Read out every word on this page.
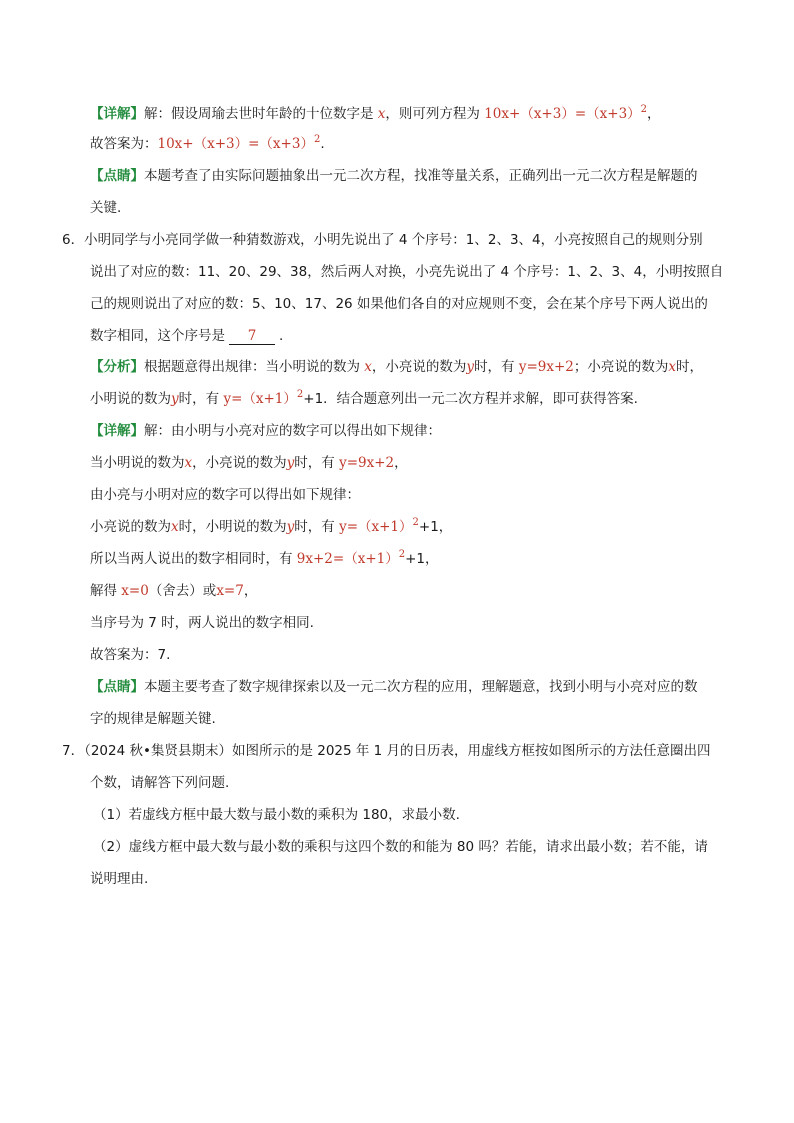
【详解】解：假设周瑜去世时年龄的十位数字是 x，则可列方程为 $10x+(x+3)=(x+3)^2$，
故答案为：$10x+(x+3)=(x+3)^2$.
【点睛】本题考查了由实际问题抽象出一元二次方程，找准等量关系，正确列出一元二次方程是解题的
关键.
6．小明同学与小亮同学做一种猜数游戏，小明先说出了 4 个序号：1、2、3、4，小亮按照自己的规则分别
说出了对应的数：11、20、29、38，然后两人对换，小亮先说出了 4 个序号：1、2、3、4，小明按照自
己的规则说出了对应的数：5、10、17、26 如果他们各自的对应规则不变，会在某个序号下两人说出的
数字相同，这个序号是 7 .
【分析】根据题意得出规律：当小明说的数为 x，小亮说的数为y时，有 y=9x+2；小亮说的数为x时，
小明说的数为y时，有 $y=(x+1)^2+1$．结合题意列出一元二次方程并求解，即可获得答案.
【详解】解：由小明与小亮对应的数字可以得出如下规律：
当小明说的数为x，小亮说的数为y时，有 y=9x+2，
由小亮与小明对应的数字可以得出如下规律：
小亮说的数为x时，小明说的数为y时，有 $y=(x+1)^2+1$，
所以当两人说出的数字相同时，有 $9x+2=(x+1)^2+1$，
解得 x=0（舍去）或x=7，
当序号为 7 时，两人说出的数字相同.
故答案为：7.
【点睛】本题主要考查了数字规律探索以及一元二次方程的应用，理解题意，找到小明与小亮对应的数
字的规律是解题关键.
7．（2024 秋•集贤县期末）如图所示的是 2025 年 1 月的日历表，用虚线方框按如图所示的方法任意圈出四
个数，请解答下列问题.
（1）若虚线方框中最大数与最小数的乘积为 180，求最小数.
（2）虚线方框中最大数与最小数的乘积与这四个数的和能为 80 吗？若能，请求出最小数；若不能，请
说明理由.
